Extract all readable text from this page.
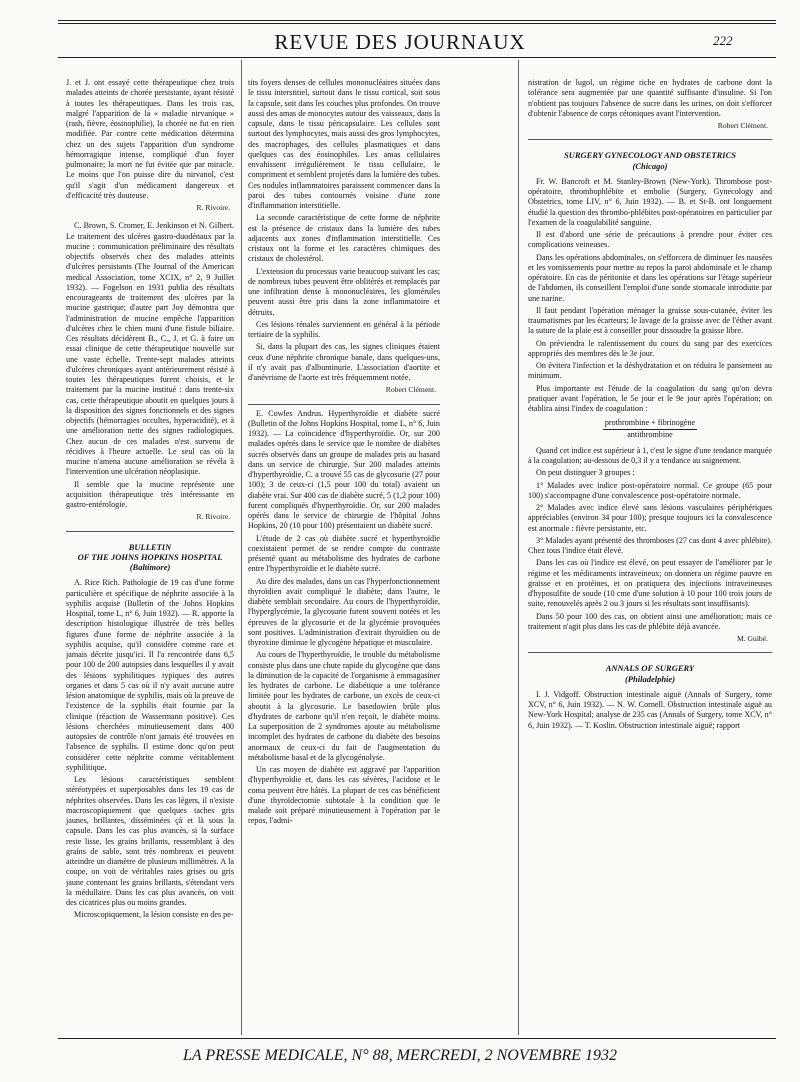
REVUE DES JOURNAUX	222

J. et J. ont essayé cette thérapeutique chez trois malades atteints de chorée persistante, ayant résisté à toutes les thérapeutiques. Dans les trois cas, malgré l'apparition de la « maladie nirvanique » (rash, fièvre, éosinophilie), la chorée ne fut en rien modifiée. Par contre cette médication détermina chez un des sujets l'apparition d'un syndrome hémorragique intense, compliqué d'un foyer pulmonaire; la mort ne fut évitée que par miracle. Le moins que l'on puisse dire du nirvanol, c'est qu'il s'agit d'un médicament dangereux et d'efficacité très douteuse.

R. Rivoire.

C. Brown, S. Cromer, E. Jenkinson et N. Gilbert. Le traitement des ulcères gastro-duodénaux par la mucine : communication préliminaire des résultats objectifs observés chez des malades atteints d'ulcères persistants (The Journal of the American medical Association, tome XCIX, n° 2, 9 Juillet 1932). — Fogelson en 1931 publia des résultats encourageants de traitement des ulcères par la mucine gastrique; d'autre part Joy démontra que l'administration de mucine empêche l'apparition d'ulcères chez le chien muni d'une fistule biliaire. Ces résultats décidèrent B., C., J. et G. à faire un essai clinique de cette thérapeutique nouvelle sur une vaste échelle. Trente-sept malades atteints d'ulcères chroniques ayant antérieurement résisté à toutes les thérapeutiques furent choisis, et le traitement par la mucine institué : dans trente-six cas, cette thérapeutique aboutit en quelques jours à la disposition des signes fonctionnels et des signes objectifs (hémorragies occultes, hyperacidité), et à une amélioration nette des signes radiologiques. Chez aucun de ces malades n'est survenu de récidives à l'heure actuelle. Le seul cas où la mucine n'amena aucune amélioration se révéla à l'intervention une ulcération néoplasique.

Il semble que la mucine représente une acquisition thérapeutique très intéressante en gastro-entérologie.

R. Rivoire.
BULLETIN
OF THE JOHNS HOPKINS HOSPITAL
(Baltimore)

A. Rice Rich. Pathologie de 19 cas d'une forme particulière et spécifique de néphrite associée à la syphilis acquise (Bulletin of the Johns Hopkins Hospital, tome L, n° 6, Juin 1932). — R. apporte la description histologique illustrée de très belles figures d'une forme de néphrite associée à la syphilis acquise, qu'il considère comme rare et jamais décrite jusqu'ici. Il l'a rencontrée dans 6,5 pour 100 de 200 autopsies dans lesquelles il y avait des lésions syphilitiques typiques des autres organes et dans 5 cas où il n'y avait aucune autre lésion anatomique de syphilis, mais où la preuve de l'existence de la syphilis était fournie par la clinique (réaction de Wassermann positive). Ces lésions cherchées minutieusement dans 400 autopsies de contrôle n'ont jamais été trouvées en l'absence de syphilis. Il estime donc qu'on peut considérer cette néphrite comme véritablement syphilitique.

Les lésions caractéristiques semblent stéréotypées et superposables dans les 19 cas de néphrites observées. Dans les cas légers, il n'existe macroscopiquement que quelques taches gris jaunes, brillantes, disséminées çà et là sous la capsule. Dans les cas plus avancés, si la surface reste lisse, les grains brillants, ressemblant à des grains de sable, sont très nombreux et peuvent atteindre un diamètre de plusieurs millimètres. A la coupe, on voit de véritables raies grises ou gris jaune contenant les grains brillants, s'étendant vers la médullaire. Dans les cas plus avancés, on voit des cicatrices plus ou moins grandes.

Microscopiquement, la lésion consiste en des pe-

tits foyers denses de cellules mononucléaires situées dans le tissu interstitiel, surtout dans le tissu cortical, soit sous la capsule, soit dans les couches plus profondes. On trouve aussi des amas de monocytes autour des vaisseaux, dans la capsule, dans le tissu péricapsulaire. Les cellules sont surtout des lymphocytes, mais aussi des gros lymphocytes, des macrophages, des cellules plasmatiques et dans quelques cas des éosinophiles. Les amas cellulaires envahissent irrégulièrement le tissu cellulaire, le compriment et semblent projetés dans la lumière des tubes. Ces nodules inflammatoires paraissent commencer dans la paroi des tubes contournés voisine d'une zone d'inflammation interstitielle.

La seconde caractéristique de cette forme de néphrite est la présence de cristaux dans la lumière des tubes adjacents aux zones d'inflammation interstitielle. Ces cristaux ont la forme et les caractères chimiques des cristaux de cholestérol.

L'extension du processus varie beaucoup suivant les cas; de nombreux tubes peuvent être oblitérés et remplacés par une infiltration dense à mononucléaires, les glomérules peuvent aussi être pris dans la zone inflammatoire et détruits.

Ces lésions rénales surviennent en général à la période tertiaire de la syphilis.

Si, dans la plupart des cas, les signes cliniques étaient ceux d'une néphrite chronique banale, dans quelques-uns, il n'y avait pas d'albuminurie. L'association d'aortite et d'anévrisme de l'aorte est très fréquemment notée.

Robert Clément.

E. Cowles Andrus. Hyperthyroïdie et diabète sucré (Bulletin of the Johns Hopkins Hospital, tome L, n° 6, Juin 1932). — La coïncidence d'hyperthyroïdie. Or, sur 200 malades opérés dans le service que le nombre de diabètes sucrés observés dans un groupe de malades pris au hasard dans un service de chirurgie. Sur 200 malades atteints d'hyperthyroïdie, C. a trouvé 55 cas de glycosurie (27 pour 100); 3 de ceux-ci (1,5 pour 100 du total) avaient un diabète vrai. Sur 400 cas de diabète sucré, 5 (1,2 pour 100) furent compliqués d'hyperthyroïdie. Or, sur 200 malades opérés dans le service de chirurgie de l'hôpital Johns Hopkins, 20 (10 pour 100) présentaient un diabète sucré.

L'étude de 2 cas où diabète sucré et hyperthyroïdie coexistaient permet de se rendre compte du contraste présenté quant au métabolisme des hydrates de carbone entre l'hyperthyroïdie et le diabète sucré.

Au dire des malades, dans un cas l'hyperfonctionnement thyroïdien avait compliqué le diabète; dans l'autre, le diabète semblait secondaire. Au cours de l'hyperthyroïdie, l'hyperglycémie, la glycosurie furent souvent notées et les épreuves de la glycosurie et de la glycémie provoquées sont positives. L'administration d'extrait thyroïdien ou de thyroxine diminue le glycogène hépatique et musculaire.

Au cours de l'hyperthyroïdie, le trouble du métabolisme consiste plus dans une chute rapide du glycogène que dans la diminution de la capacité de l'organisme à emmagasiner les hydrates de carbone. Le diabétique a une tolérance limitée pour les hydrates de carbone, un excès de ceux-ci aboutit à la glycosurie. Le basedowien brûle plus d'hydrates de carbone qu'il n'en reçoit, le diabète moins. La superposition de 2 syndromes ajoute au métabolisme incomplet des hydrates de carbone du diabète des besoins anormaux de ceux-ci du fait de l'augmentation du métabolisme basal et de la glycogénolyse.

Un cas moyen de diabète est aggravé par l'apparition d'hyperthyroïdie et, dans les cas sévères, l'acidose et le coma peuvent être hâtés. La plupart de ces cas bénéficient d'une thyroïdectomie subtotale à la condition que le malade soit préparé minutieusement à l'opération par le repos, l'admi-

nistration de lugol, un régime riche en hydrates de carbone dont la tolérance sera augmentée par une quantité suffisante d'insuline. Si l'on n'obtient pas toujours l'absence de sucre dans les urines, on doit s'efforcer d'obtenir l'absence de corps cétoniques avant l'intervention.

Robert Clément.
SURGERY GYNECOLOGY AND OBSTETRICS
(Chicago)

Fr. W. Bancroft et M. Stanley-Brown (New-York). Thrombose post-opératoire, thrombophlébite et embolie (Surgery, Gynecology and Obstetrics, tome LIV, n° 6, Juin 1932). — B. et St-B. ont longuement étudié la question des thrombo-phlébites post-opératoires en particulier par l'examen de la coagulabilité sanguine.

Il est d'abord une série de précautions à prendre pour éviter ces complications veineuses.

Dans les opérations abdominales, on s'efforcera de diminuer les nausées et les vomissements pour mettre au repos la paroi abdominale et le champ opératoire. En cas de péritonite et dans les opérations sur l'étage supérieur de l'abdomen, ils conseillent l'emploi d'une sonde stomacale introduite par une narine.

Il faut pendant l'opération ménager la graisse sous-cutanée, éviter les traumatismes par les écarteurs; le lavage de la graisse avec de l'éther avant la suture de la plaie est à conseiller pour dissoudre la graisse libre.

On préviendra le ralentissement du cours du sang par des exercices appropriés des membres dès le 3e jour.

On évitera l'infection et la déshydratation et on réduira le pansement au minimum.

Plus importante est l'étude de la coagulation du sang qu'on devra pratiquer avant l'opération, le 5e jour et le 9e jour après l'opération; on établira ainsi l'index de coagulation :

prothrombine + fibrinogène
antithrombine

Quand cet indice est supérieur à 1, c'est le signe d'une tendance marquée à la coagulation; au-dessous de 0,3 il y a tendance au saignement.

On peut distinguer 3 groupes :

1° Malades avec indice post-opératoire normal. Ce groupe (65 pour 100) s'accompagne d'une convalescence post-opératoire normale.

2° Malades avec indice élevé sans lésions vasculaires périphériques appréciables (environ 34 pour 100); presque toujours ici la convalescence est anormale : fièvre persistante, etc.

3° Malades ayant présenté des thromboses (27 cas dont 4 avec phlébite). Chez tous l'indice était élevé.

Dans les cas où l'indice est élevé, on peut essayer de l'améliorer par le régime et les médicaments intraveineux; on donnera un régime pauvre en graisse et en protéines, et on pratiquera des injections intraveineuses d'hyposulfite de soude (10 cme d'une solution à 10 pour 100 trois jours de suite, renouvelés après 2 ou 3 jours si les résultats sont insuffisants).

Dans 50 pour 100 des cas, on obtient ainsi une amélioration; mais ce traitement n'agit plus dans les cas de phlébite déjà avancée.

M. Guibé.
ANNALS OF SURGERY
(Philadelphie)

I. J. Vidgoff. Obstruction intestinale aiguë (Annals of Surgery, tome XCV, n° 6, Juin 1932). — N. W. Cornell. Obstruction intestinale aiguë au New-York Hospital; analyse de 235 cas (Annals of Surgery, tome XCV, n° 6, Juin 1932). — T. Koslin. Obstruction intestinale aiguë; rapport

LA PRESSE MEDICALE, N° 88, MERCREDI, 2 NOVEMBRE 1932
